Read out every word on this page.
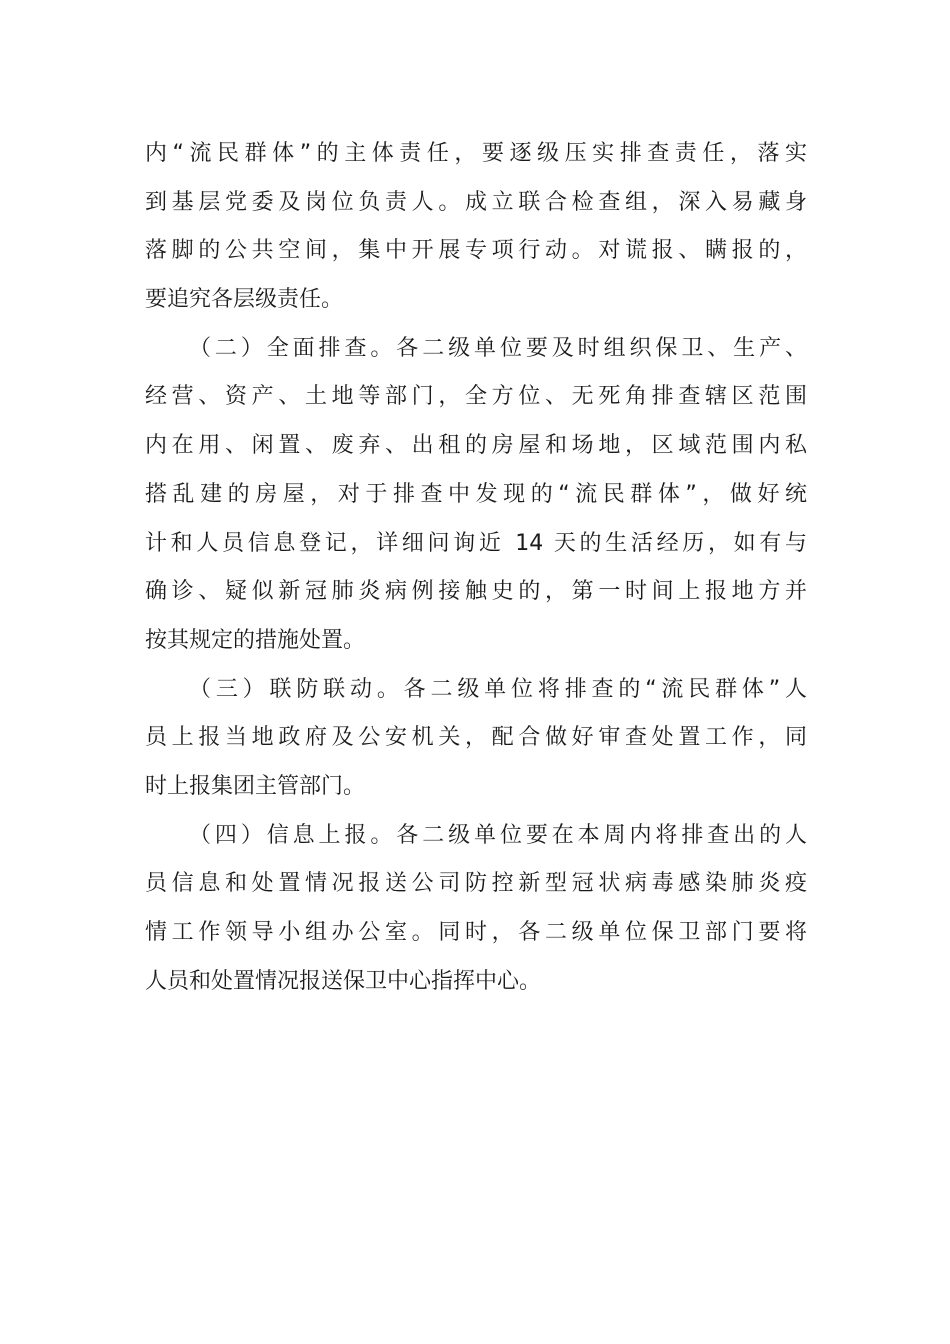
内“流民群体”的主体责任，要逐级压实排查责任，落实
到基层党委及岗位负责人。成立联合检查组，深入易藏身
落脚的公共空间，集中开展专项行动。对谎报、瞒报的，
要追究各层级责任。
（二）全面排查。各二级单位要及时组织保卫、生产、
经营、资产、土地等部门，全方位、无死角排查辖区范围
内在用、闲置、废弃、出租的房屋和场地，区域范围内私
搭乱建的房屋，对于排查中发现的“流民群体”，做好统
计和人员信息登记，详细问询近 14 天的生活经历，如有与
确诊、疑似新冠肺炎病例接触史的，第一时间上报地方并
按其规定的措施处置。
（三）联防联动。各二级单位将排查的“流民群体”人
员上报当地政府及公安机关，配合做好审查处置工作，同
时上报集团主管部门。
（四）信息上报。各二级单位要在本周内将排查出的人
员信息和处置情况报送公司防控新型冠状病毒感染肺炎疫
情工作领导小组办公室。同时，各二级单位保卫部门要将
人员和处置情况报送保卫中心指挥中心。
